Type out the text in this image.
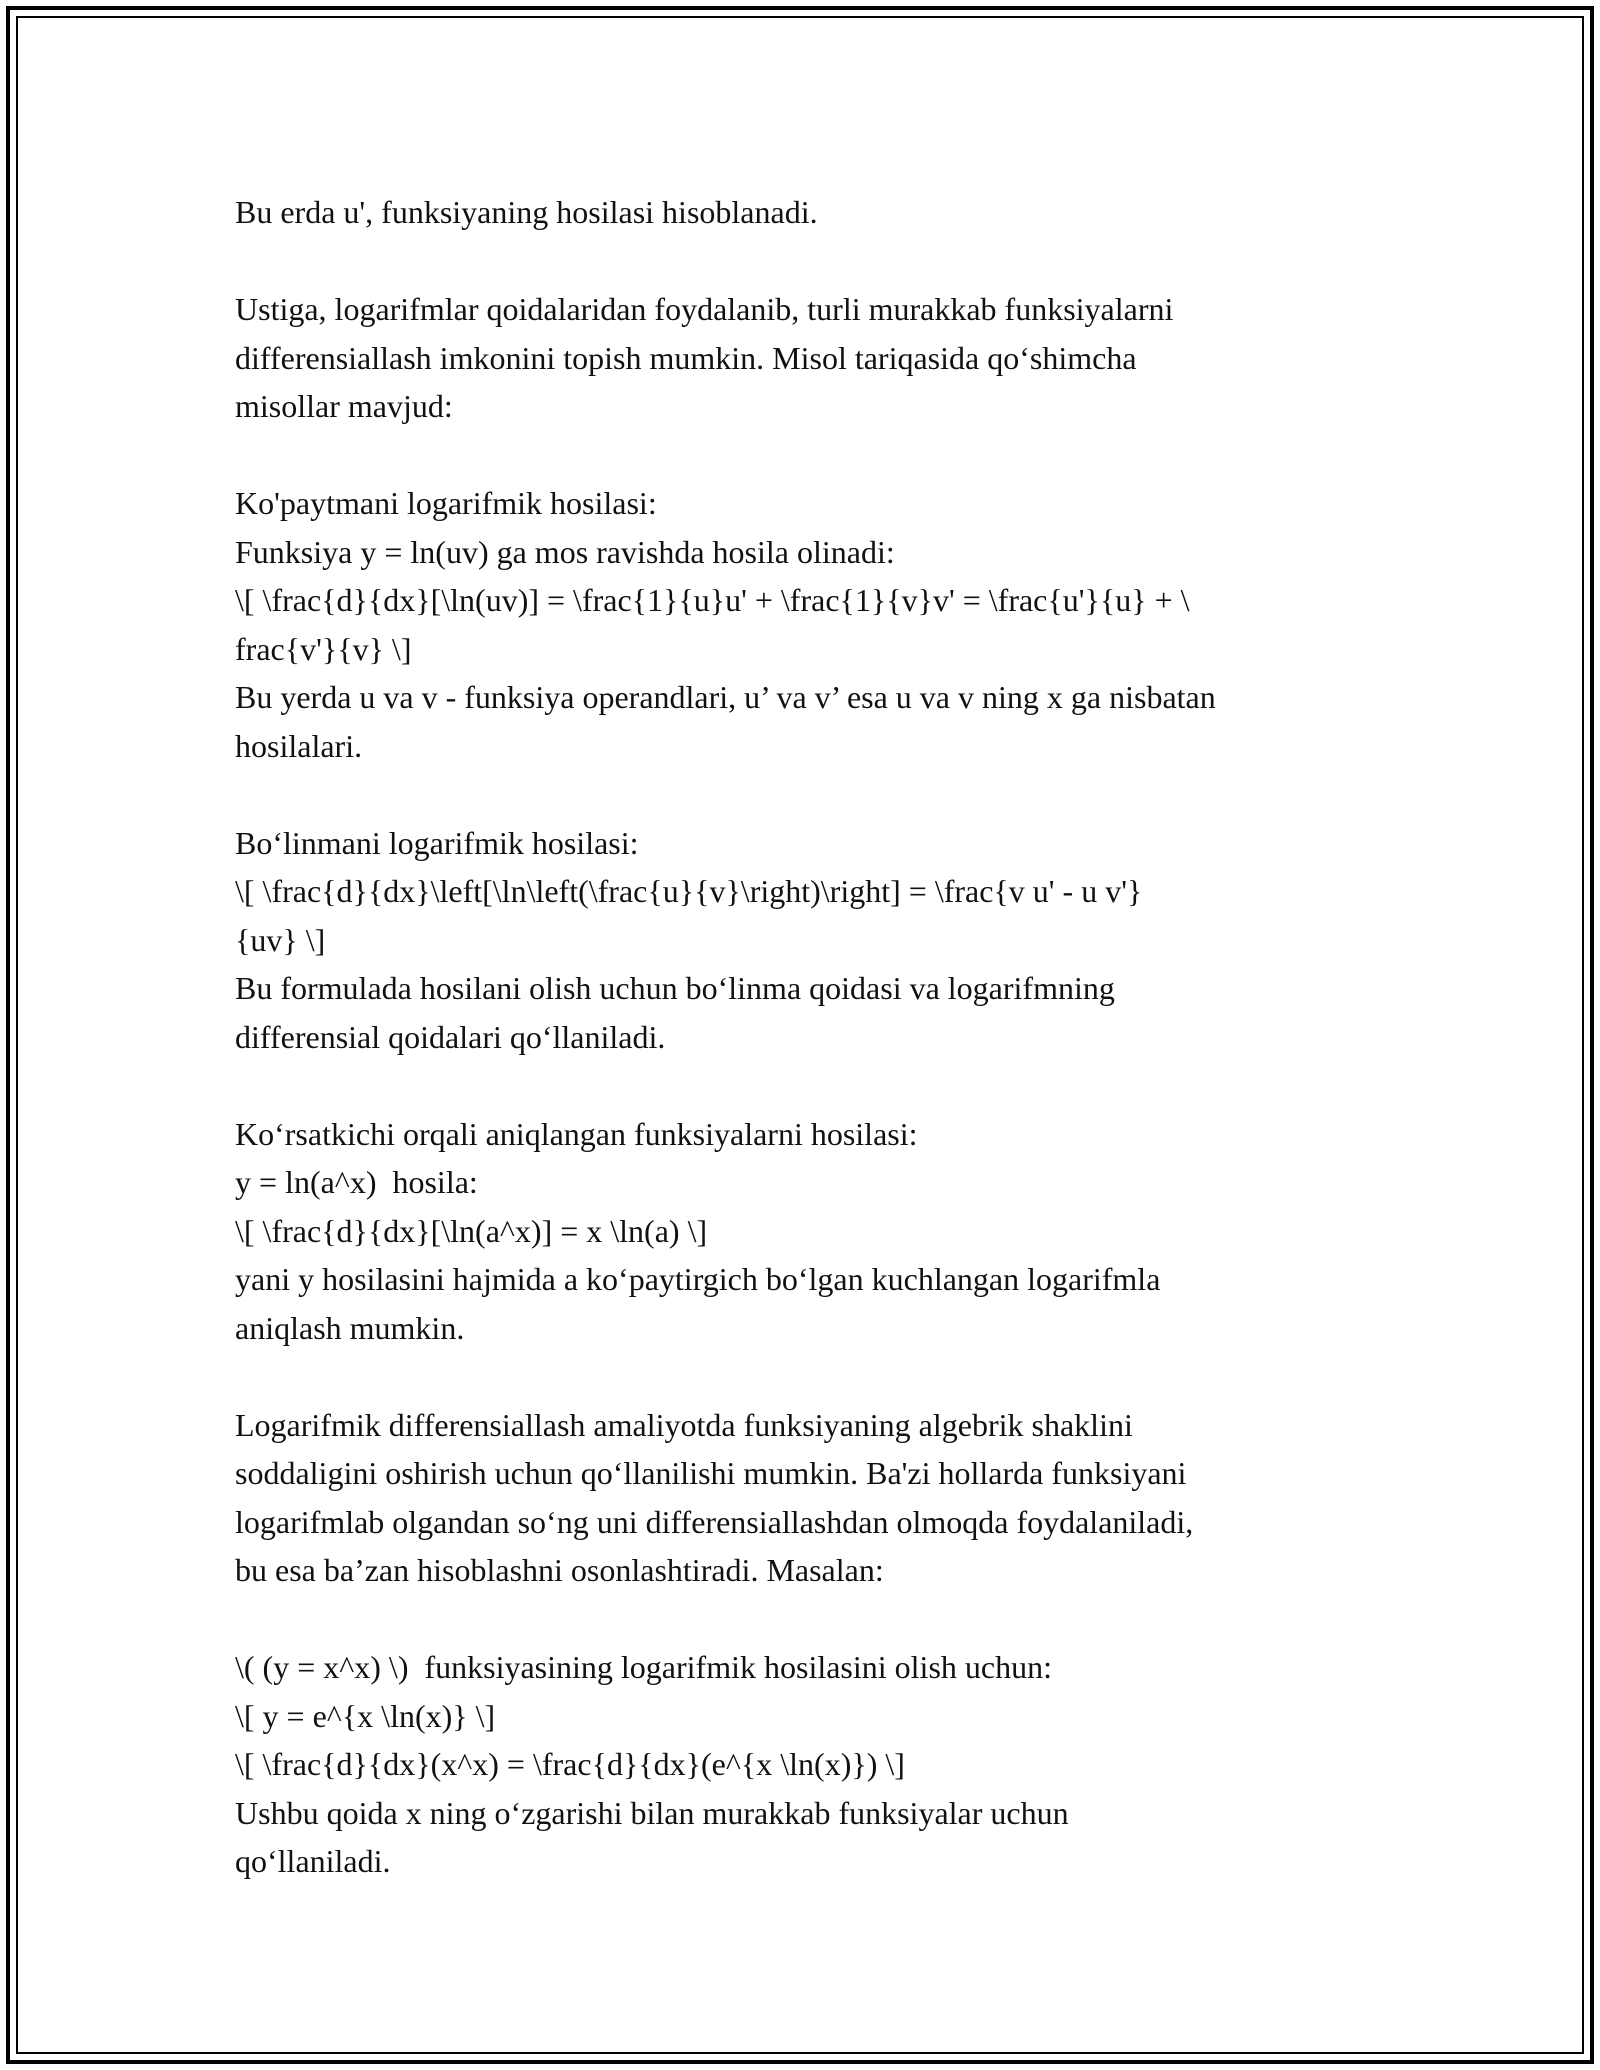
Bu erda u', funksiyaning hosilasi hisoblanadi.
Ustiga, logarifmlar qoidalaridan foydalanib, turli murakkab funksiyalarni
differensiallash imkonini topish mumkin. Misol tariqasida qo‘shimcha
misollar mavjud:
Ko'paytmani logarifmik hosilasi:
Funksiya y = ln(uv) ga mos ravishda hosila olinadi:
\[ \frac{d}{dx}[\ln(uv)] = \frac{1}{u}u' + \frac{1}{v}v' = \frac{u'}{u} + \
frac{v'}{v} \]
Bu yerda u va v - funksiya operandlari, u’ va v’ esa u va v ning x ga nisbatan
hosilalari.
Bo‘linmani logarifmik hosilasi:
\[ \frac{d}{dx}\left[\ln\left(\frac{u}{v}\right)\right] = \frac{v u' - u v'}
{uv} \]
Bu formulada hosilani olish uchun bo‘linma qoidasi va logarifmning
differensial qoidalari qo‘llaniladi.
Ko‘rsatkichi orqali aniqlangan funksiyalarni hosilasi:
y = ln(a^x)  hosila:
\[ \frac{d}{dx}[\ln(a^x)] = x \ln(a) \]
yani y hosilasini hajmida a ko‘paytirgich bo‘lgan kuchlangan logarifmla
aniqlash mumkin.
Logarifmik differensiallash amaliyotda funksiyaning algebrik shaklini
soddaligini oshirish uchun qo‘llanilishi mumkin. Ba'zi hollarda funksiyani
logarifmlab olgandan so‘ng uni differensiallashdan olmoqda foydalaniladi,
bu esa ba’zan hisoblashni osonlashtiradi. Masalan:
\( (y = x^x) \)  funksiyasining logarifmik hosilasini olish uchun:
\[ y = e^{x \ln(x)} \]
\[ \frac{d}{dx}(x^x) = \frac{d}{dx}(e^{x \ln(x)}) \]
Ushbu qoida x ning o‘zgarishi bilan murakkab funksiyalar uchun
qo‘llaniladi.
